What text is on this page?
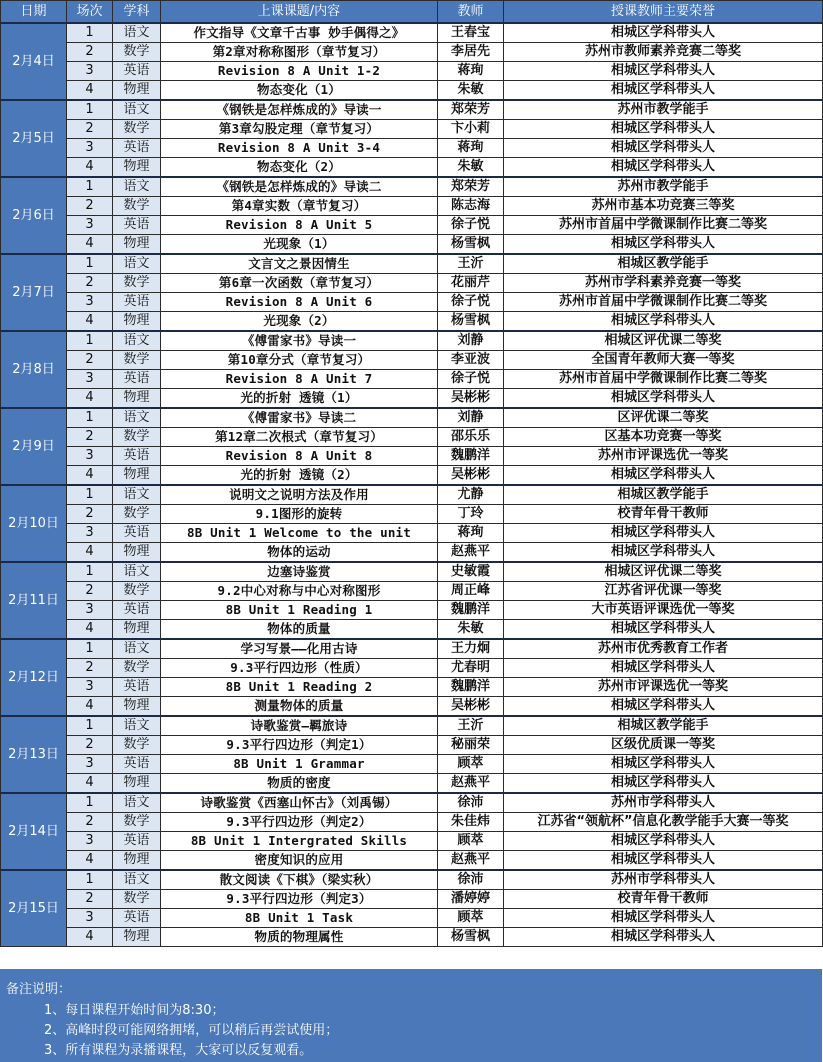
日期	场次	学科	上课课题/内容	教师	授课教师主要荣誉
2月4日	1	语文	作文指导《文章千古事 妙手偶得之》	王春宝	相城区学科带头人
	2	数学	第2章对称称图形（章节复习）	李居先	苏州市教师素养竞赛二等奖
	3	英语	Revision 8 A Unit 1-2	蒋珣	相城区学科带头人
	4	物理	物态变化（1）	朱敏	相城区学科带头人
2月5日	1	语文	《钢铁是怎样炼成的》导读一	郑荣芳	苏州市教学能手
	2	数学	第3章勾股定理（章节复习）	卞小莉	相城区学科带头人
	3	英语	Revision 8 A Unit 3-4	蒋珣	相城区学科带头人
	4	物理	物态变化（2）	朱敏	相城区学科带头人
2月6日	1	语文	《钢铁是怎样炼成的》导读二	郑荣芳	苏州市教学能手
	2	数学	第4章实数（章节复习）	陈志海	苏州市基本功竞赛三等奖
	3	英语	Revision 8 A Unit 5	徐子悦	苏州市首届中学微课制作比赛二等奖
	4	物理	光现象（1）	杨雪枫	相城区学科带头人
2月7日	1	语文	文言文之景因情生	王沂	相城区教学能手
	2	数学	第6章一次函数（章节复习）	花丽芹	苏州市学科素养竞赛一等奖
	3	英语	Revision 8 A Unit 6	徐子悦	苏州市首届中学微课制作比赛二等奖
	4	物理	光现象（2）	杨雪枫	相城区学科带头人
2月8日	1	语文	《傅雷家书》导读一	刘静	相城区评优课二等奖
	2	数学	第10章分式（章节复习）	李亚波	全国青年教师大赛一等奖
	3	英语	Revision 8 A Unit 7	徐子悦	苏州市首届中学微课制作比赛二等奖
	4	物理	光的折射 透镜（1）	吴彬彬	相城区学科带头人
2月9日	1	语文	《傅雷家书》导读二	刘静	区评优课二等奖
	2	数学	第12章二次根式（章节复习）	邵乐乐	区基本功竞赛一等奖
	3	英语	Revision 8 A Unit 8	魏鹏洋	苏州市评课选优一等奖
	4	物理	光的折射 透镜（2）	吴彬彬	相城区学科带头人
2月10日	1	语文	说明文之说明方法及作用	尤静	相城区教学能手
	2	数学	9.1图形的旋转	丁玲	校青年骨干教师
	3	英语	8B Unit 1 Welcome to the unit	蒋珣	相城区学科带头人
	4	物理	物体的运动	赵燕平	相城区学科带头人
2月11日	1	语文	边塞诗鉴赏	史敏霞	相城区评优课二等奖
	2	数学	9.2中心对称与中心对称图形	周正峰	江苏省评优课一等奖
	3	英语	8B Unit 1 Reading 1	魏鹏洋	大市英语评课选优一等奖
	4	物理	物体的质量	朱敏	相城区学科带头人
2月12日	1	语文	学习写景——化用古诗	王力炯	苏州市优秀教育工作者
	2	数学	9.3平行四边形（性质）	尤春明	相城区学科带头人
	3	英语	8B Unit 1 Reading 2	魏鹏洋	苏州市评课选优一等奖
	4	物理	测量物体的质量	吴彬彬	相城区学科带头人
2月13日	1	语文	诗歌鉴赏—羁旅诗	王沂	相城区教学能手
	2	数学	9.3平行四边形（判定1）	秘丽荣	区级优质课一等奖
	3	英语	8B Unit 1 Grammar	顾萃	相城区学科带头人
	4	物理	物质的密度	赵燕平	相城区学科带头人
2月14日	1	语文	诗歌鉴赏《西塞山怀古》（刘禹锡）	徐沛	苏州市学科带头人
	2	数学	9.3平行四边形（判定2）	朱佳炜	江苏省“领航杯”信息化教学能手大赛一等奖
	3	英语	8B Unit 1 Intergrated Skills	顾萃	相城区学科带头人
	4	物理	密度知识的应用	赵燕平	相城区学科带头人
2月15日	1	语文	散文阅读《下棋》（梁实秋）	徐沛	苏州市学科带头人
	2	数学	9.3平行四边形（判定3）	潘婷婷	校青年骨干教师
	3	英语	8B Unit 1 Task	顾萃	相城区学科带头人
	4	物理	物质的物理属性	杨雪枫	相城区学科带头人
备注说明：
1、每日课程开始时间为8:30；
2、高峰时段可能网络拥堵，可以稍后再尝试使用；
3、所有课程为录播课程，大家可以反复观看。
